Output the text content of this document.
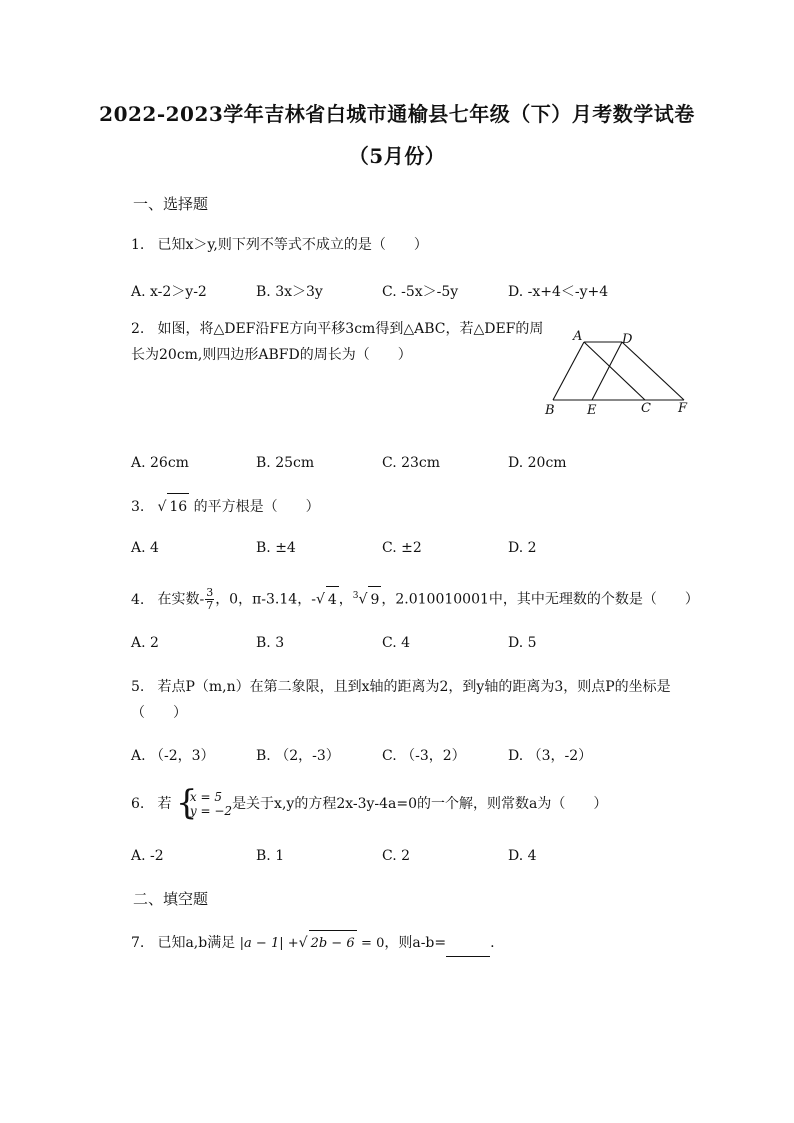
2022-2023学年吉林省白城市通榆县七年级（下）月考数学试卷
（5月份）
一、选择题
1. 已知x＞y,则下列不等式不成立的是（　　）
A. x-2＞y-2	B. 3x＞3y	C. -5x＞-5y	D. -x+4＜-y+4
2. 如图，将△DEF沿FE方向平移3cm得到△ABC，若△DEF的周
长为20cm,则四边形ABFD的周长为（　　）
A	D
B E	C F
A. 26cm	B. 25cm	C. 23cm	D. 20cm
3. √ 16 的平方根是（　　）
A. 4	B. ±4	C. ±2	D. 2
4. 在实数- $\frac{3}{7}$ ，0，π-3.14，-√ 4 ，$^3$√ 9 ，2.010010001中，其中无理数的个数是（　　）
A. 2	B. 3	C. 4	D. 5
5. 若点P（m,n）在第二象限，且到x轴的距离为2，到y轴的距离为3，则点P的坐标是
（　　）
A. （-2，3）	B. （2，-3）	C. （-3，2）	D. （3，-2）
6. 若 {
x = 5
y = −2 是关于x,y的方程2x-3y-4a=0的一个解，则常数a为（　　）
A. -2	B. 1	C. 2	D. 4
二、填空题
7. 已知a,b满足 |a − 1| +√ 2b − 6 = 0，则a-b=	.
